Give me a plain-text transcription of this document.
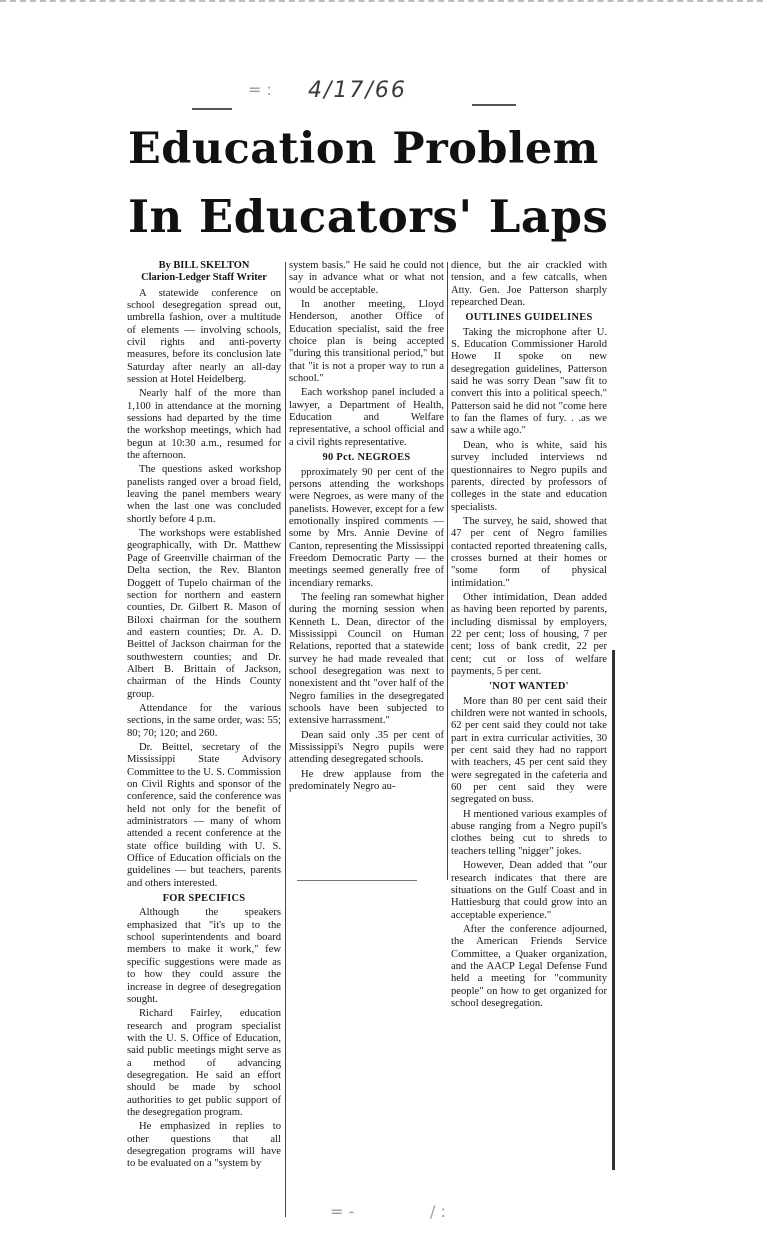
= : 4/17/66
Education Problem
In Educators' Laps
By BILL SKELTON
Clarion-Ledger Staff Writer

A statewide conference on school desegregation spread out, umbrella fashion, over a multitude of elements — involving schools, civil rights and anti-poverty measures, before its conclusion late Saturday after nearly an all-day session at Hotel Heidelberg.

Nearly half of the more than 1,100 in attendance at the morning sessions had departed by the time the workshop meetings, which had begun at 10:30 a.m., resumed for the afternoon.

The questions asked workshop panelists ranged over a broad field, leaving the panel members weary when the last one was concluded shortly before 4 p.m.

The workshops were established geographically, with Dr. Matthew Page of Greenville chairman of the Delta section, the Rev. Blanton Doggett of Tupelo chairman of the section for northern and eastern counties, Dr. Gilbert R. Mason of Biloxi chairman for the southern and eastern counties; Dr. A. D. Beittel of Jackson chairman for the southwestern counties; and Dr. Albert B. Brittain of Jackson, chairman of the Hinds County group.

Attendance for the various sections, in the same order, was: 55; 80; 70; 120; and 260.

Dr. Beittel, secretary of the Mississippi State Advisory Committee to the U. S. Commission on Civil Rights and sponsor of the conference, said the conference was held not only for the benefit of administrators — many of whom attended a recent conference at the state office building with U. S. Office of Education officials on the guidelines — but teachers, parents and others interested.

FOR SPECIFICS

Although the speakers emphasized that "it's up to the school superintendents and board members to make it work," few specific suggestions were made as to how they could assure the increase in degree of desegregation sought.

Richard Fairley, education research and program specialist with the U. S. Office of Education, said public meetings might serve as a method of advancing desegregation. He said an effort should be made by school authorities to get public support of the desegregation program.

He emphasized in replies to other questions that all desegregation programs will have to be evaluated on a "system by

system basis." He said he could not say in advance what or what not would be acceptable.

In another meeting, Lloyd Henderson, another Office of Education specialist, said the free choice plan is being accepted "during this transitional period," but that "it is not a proper way to run a school."

Each workshop panel included a lawyer, a Department of Health, Education and Welfare representative, a school official and a civil rights representative.

90 Pct. NEGROES

pproximately 90 per cent of the persons attending the workshops were Negroes, as were many of the panelists. However, except for a few emotionally inspired comments — some by Mrs. Annie Devine of Canton, representing the Mississippi Freedom Democratic Party — the meetings seemed generally free of incendiary remarks.

The feeling ran somewhat higher during the morning session when Kenneth L. Dean, director of the Mississippi Council on Human Relations, reported that a statewide survey he had made revealed that school desegregation was next to nonexistent and tht "over half of the Negro families in the desegregated schools have been subjected to extensive harrassment."

Dean said only .35 per cent of Mississippi's Negro pupils were attending desegregated schools.

He drew applause from the predominately Negro au-

dience, but the air crackled with tension, and a few catcalls, when Atty. Gen. Joe Patterson sharply repearched Dean.

OUTLINES GUIDELINES

Taking the microphone after U. S. Education Commissioner Harold Howe II spoke on new desegregation guidelines, Patterson said he was sorry Dean "saw fit to convert this into a political speech." Patterson said he did not "come here to fan the flames of fury. . .as we saw a while ago."

Dean, who is white, said his survey included interviews nd questionnaires to Negro pupils and parents, directed by professors of colleges in the state and education specialists.

The survey, he said, showed that 47 per cent of Negro families contacted reported threatening calls, crosses burned at their homes or "some form of physical intimidation."

Other intimidation, Dean added as having been reported by parents, including dismissal by employers, 22 per cent; loss of housing, 7 per cent; loss of bank credit, 22 per cent; cut or loss of welfare payments, 5 per cent.

'NOT WANTED'

More than 80 per cent said their children were not wanted in schools, 62 per cent said they could not take part in extra curricular activities, 30 per cent said they had no rapport with teachers, 45 per cent said they were segregated in the cafeteria and 60 per cent said they were segregated on buss.

H mentioned various examples of abuse ranging from a Negro pupil's clothes being cut to shreds to teachers telling "nigger" jokes.

However, Dean added that "our research indicates that there are situations on the Gulf Coast and in Hattiesburg that could grow into an acceptable experience."

After the conference adjourned, the American Friends Service Committee, a Quaker organization, and the AACP Legal Defense Fund held a meeting for "community people" on how to get organized for school desegregation.

= -	/ :
